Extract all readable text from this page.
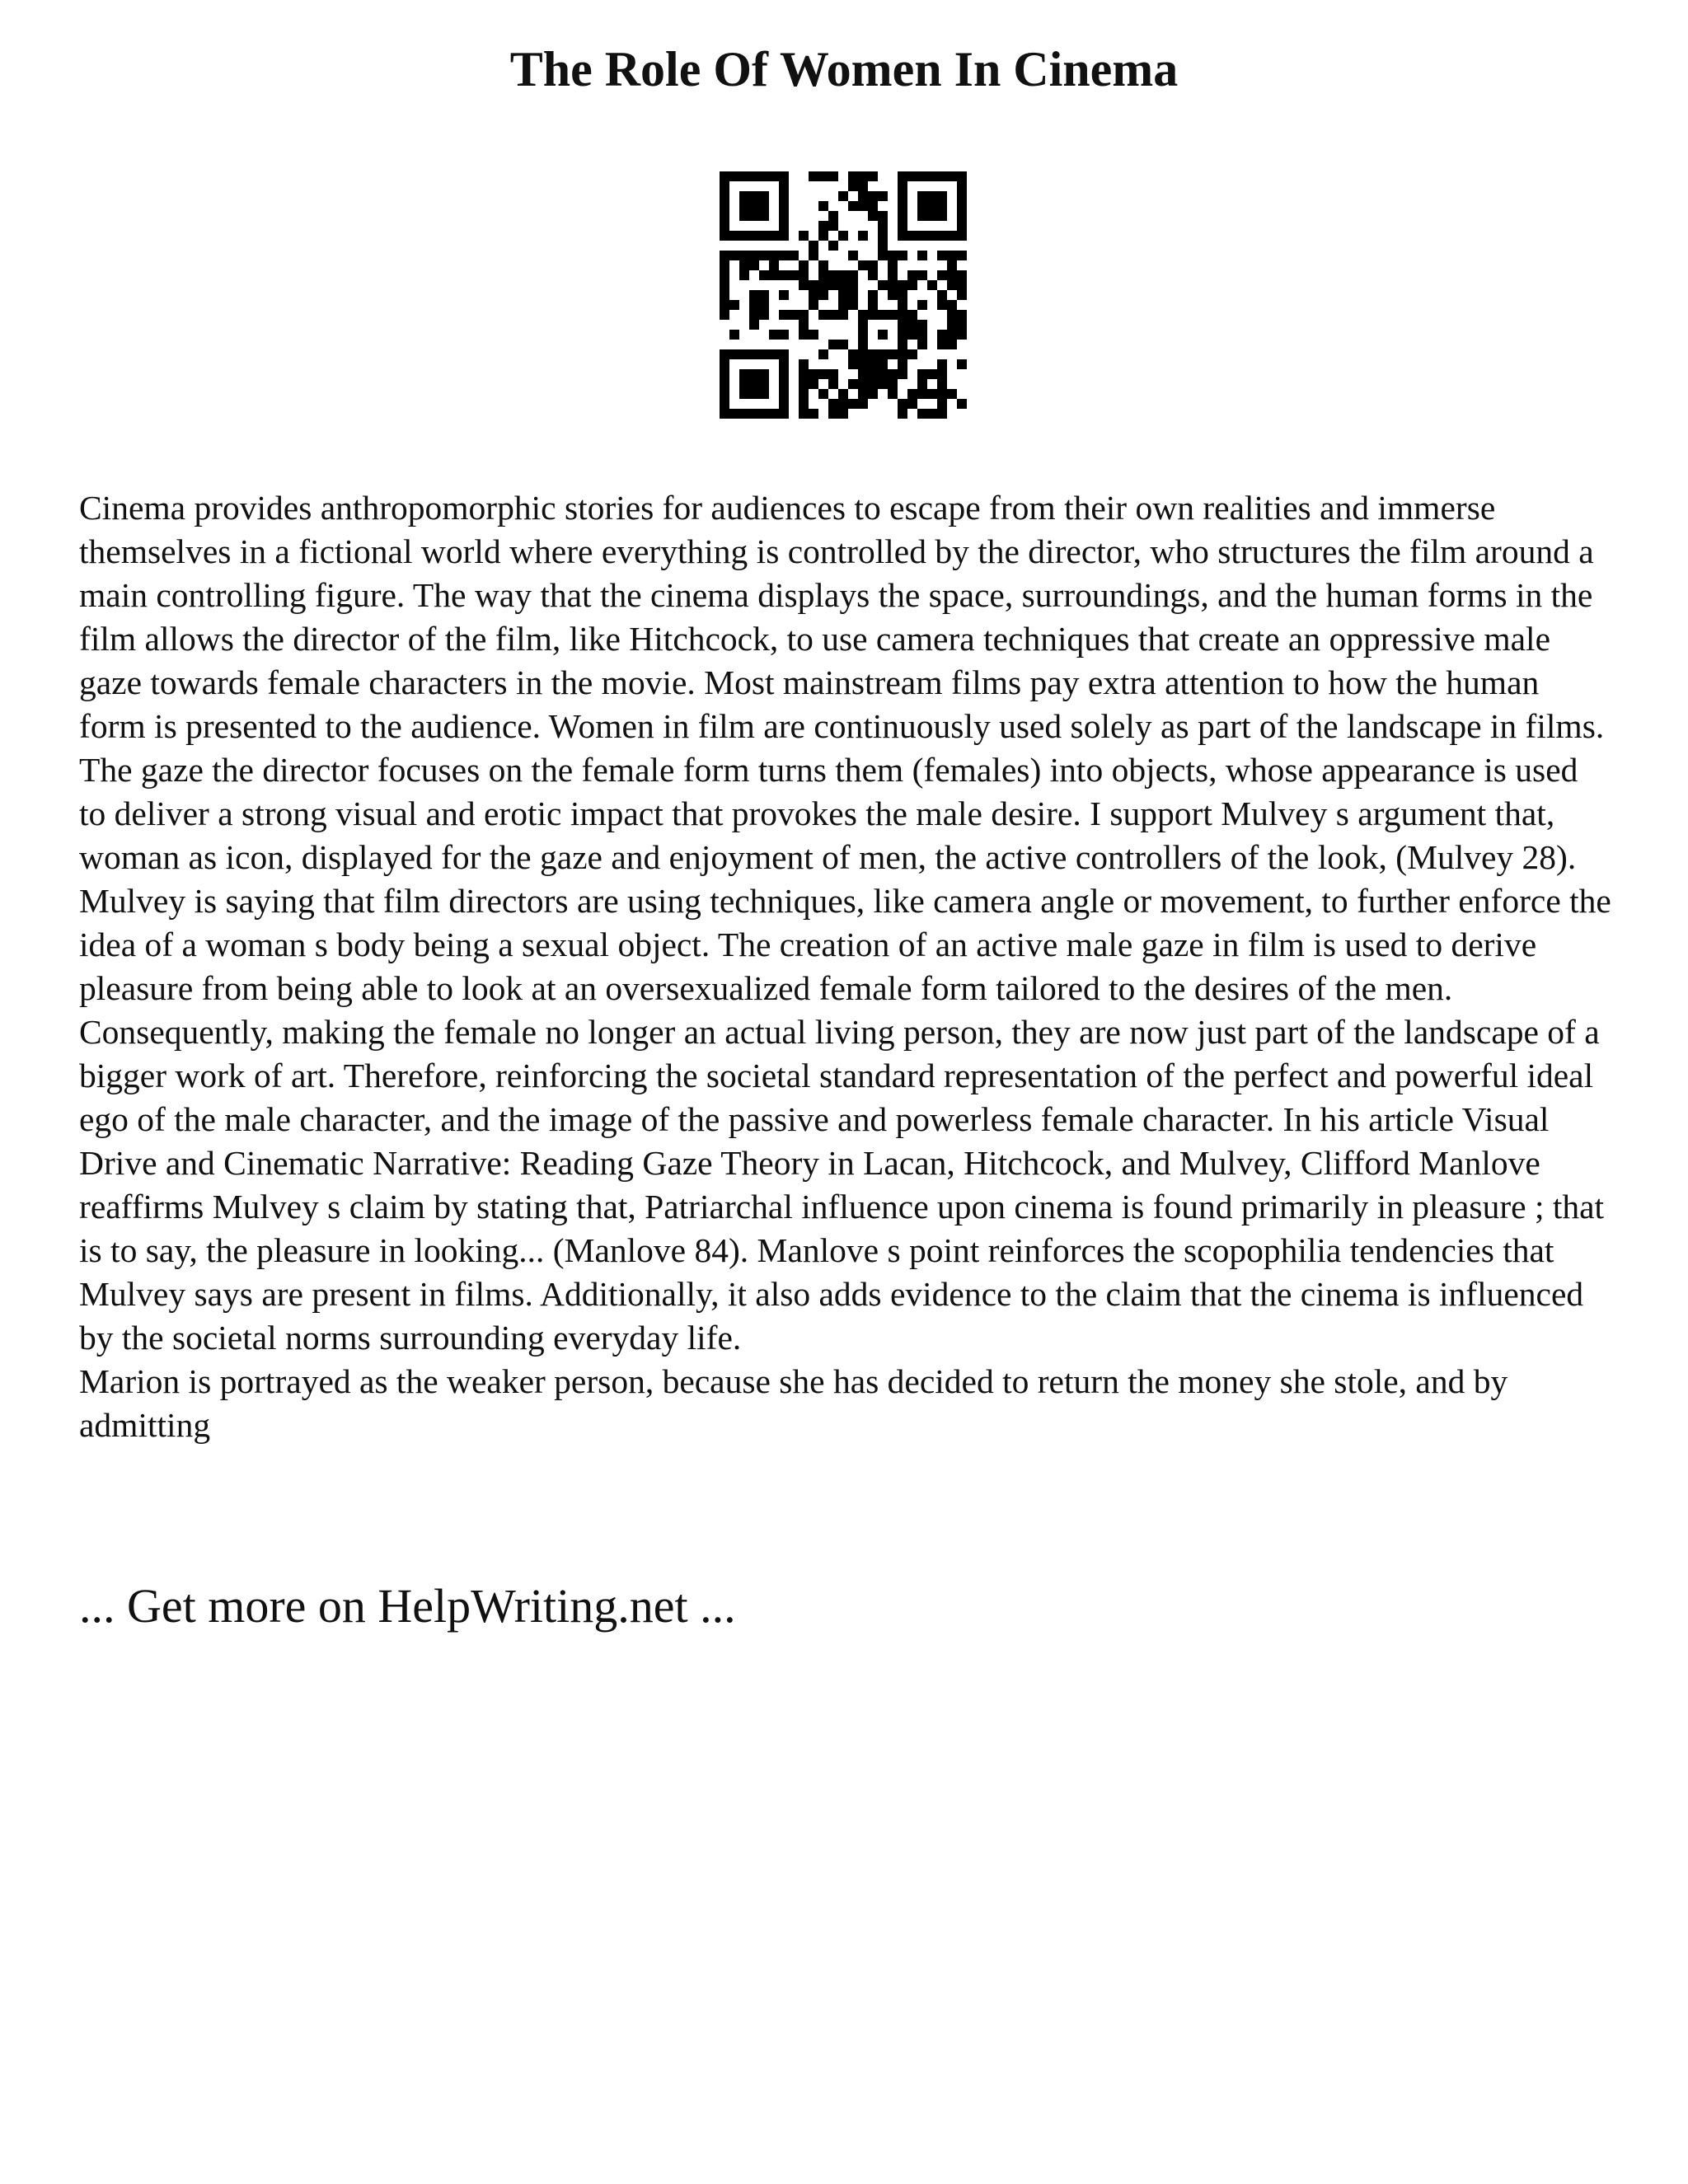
The Role Of Women In Cinema

Cinema provides anthropomorphic stories for audiences to escape from their own realities and immerse themselves in a fictional world where everything is controlled by the director, who structures the film around a main controlling figure. The way that the cinema displays the space, surroundings, and the human forms in the film allows the director of the film, like Hitchcock, to use camera techniques that create an oppressive male gaze towards female characters in the movie. Most mainstream films pay extra attention to how the human form is presented to the audience. Women in film are continuously used solely as part of the landscape in films. The gaze the director focuses on the female form turns them (females) into objects, whose appearance is used to deliver a strong visual and erotic impact that provokes the male desire. I support Mulvey s argument that, woman as icon, displayed for the gaze and enjoyment of men, the active controllers of the look, (Mulvey 28). Mulvey is saying that film directors are using techniques, like camera angle or movement, to further enforce the idea of a woman s body being a sexual object. The creation of an active male gaze in film is used to derive pleasure from being able to look at an oversexualized female form tailored to the desires of the men. Consequently, making the female no longer an actual living person, they are now just part of the landscape of a bigger work of art. Therefore, reinforcing the societal standard representation of the perfect and powerful ideal ego of the male character, and the image of the passive and powerless female character. In his article Visual Drive and Cinematic Narrative: Reading Gaze Theory in Lacan, Hitchcock, and Mulvey, Clifford Manlove reaffirms Mulvey s claim by stating that, Patriarchal influence upon cinema is found primarily in pleasure ; that is to say, the pleasure in looking... (Manlove 84). Manlove s point reinforces the scopophilia tendencies that Mulvey says are present in films. Additionally, it also adds evidence to the claim that the cinema is influenced by the societal norms surrounding everyday life.

Marion is portrayed as the weaker person, because she has decided to return the money she stole, and by admitting

... Get more on HelpWriting.net ...
